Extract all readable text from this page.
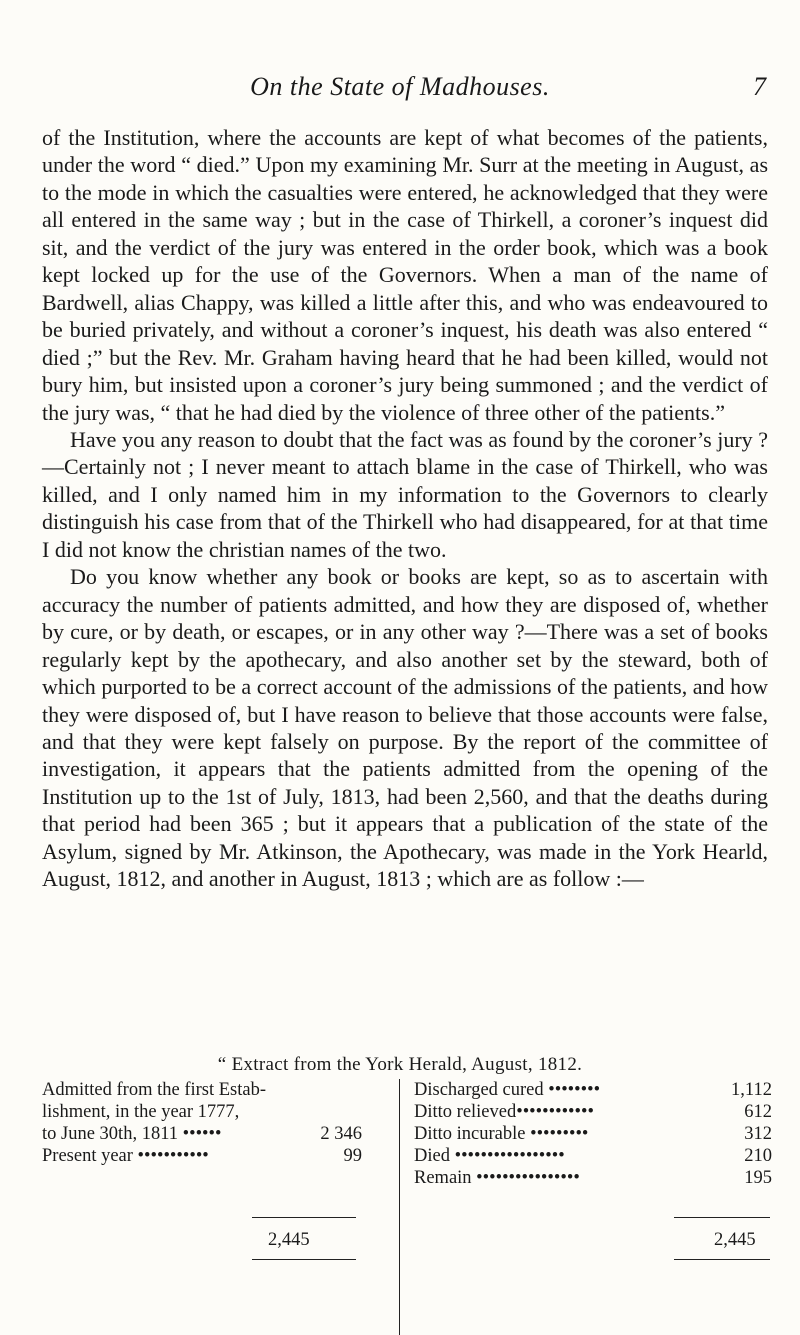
On the State of Madhouses.	7

of the Institution, where the accounts are kept of what becomes of the patients, under the word “ died.” Upon my examining Mr. Surr at the meeting in August, as to the mode in which the casualties were entered, he acknowledged that they were all entered in the same way ; but in the case of Thirkell, a coroner’s inquest did sit, and the verdict of the jury was entered in the order book, which was a book kept locked up for the use of the Governors. When a man of the name of Bardwell, alias Chappy, was killed a little after this, and who was endeavoured to be buried privately, and without a coroner’s inquest, his death was also entered “ died ;” but the Rev. Mr. Graham having heard that he had been killed, would not bury him, but insisted upon a coroner’s jury being summoned ; and the verdict of the jury was, “ that he had died by the violence of three other of the patients.”

Have you any reason to doubt that the fact was as found by the coroner’s jury ?—Certainly not ; I never meant to attach blame in the case of Thirkell, who was killed, and I only named him in my information to the Governors to clearly distinguish his case from that of the Thirkell who had disappeared, for at that time I did not know the christian names of the two.

Do you know whether any book or books are kept, so as to ascertain with accuracy the number of patients admitted, and how they are disposed of, whether by cure, or by death, or escapes, or in any other way ?—There was a set of books regularly kept by the apothecary, and also another set by the steward, both of which purported to be a correct account of the admissions of the patients, and how they were disposed of, but I have reason to believe that those accounts were false, and that they were kept falsely on purpose. By the report of the committee of investigation, it appears that the patients admitted from the opening of the Institution up to the 1st of July, 1813, had been 2,560, and that the deaths during that period had been 365 ; but it appears that a publication of the state of the Asylum, signed by Mr. Atkinson, the Apothecary, was made in the York Hearld, August, 1812, and another in August, 1813 ; which are as follow :—

“ Extract from the York Herald, August, 1812.
Admitted from the first Estab-
lishment, in the year 1777,
to June 30th, 1811 ••••••	2 346
Present year •••••••••••	99
2,445
Discharged cured ••••••••	1,112
Ditto relieved••••••••••••	612
Ditto incurable •••••••••	312
Died •••••••••••••••••	210
Remain ••••••••••••••••	195
2,445
